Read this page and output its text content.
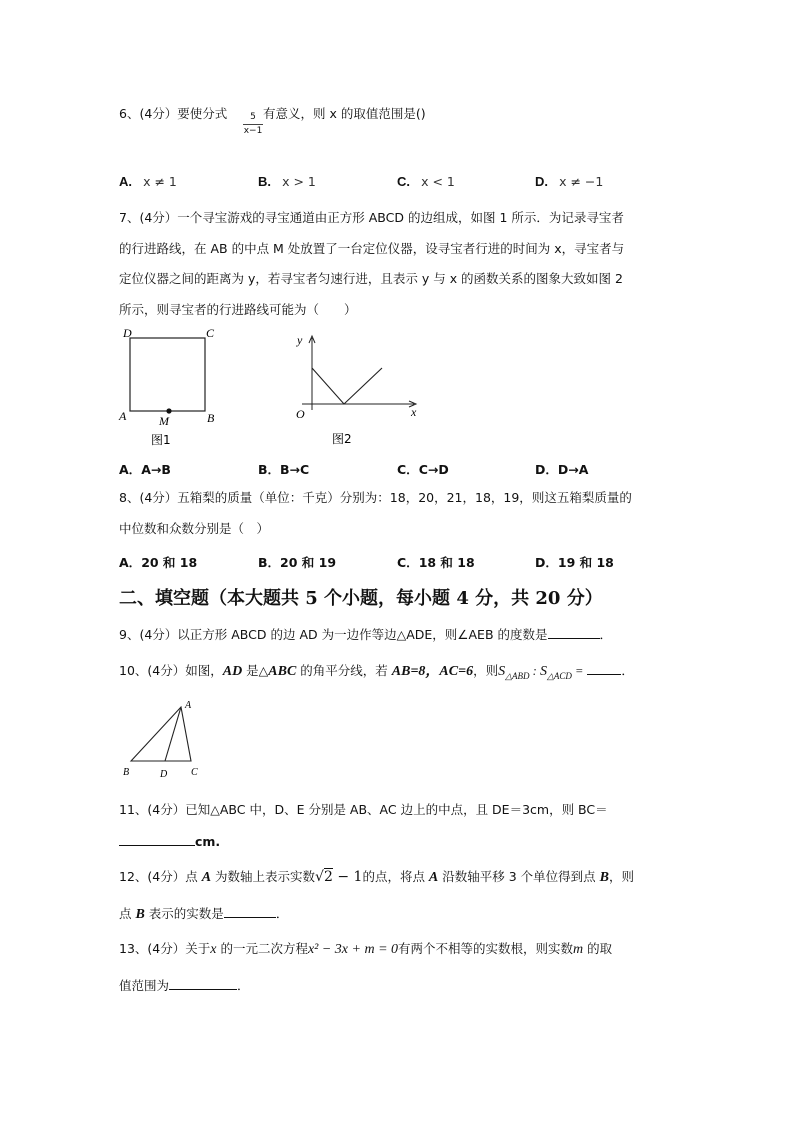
6、(4分）要使分式	5
x−1
有意义，则 x 的取值范围是()
A. x ≠ 1	B. x > 1	C. x < 1	D. x ≠ −1
7、(4分）一个寻宝游戏的寻宝通道由正方形 ABCD 的边组成，如图 1 所示．为记录寻宝者
的行进路线，在 AB 的中点 M 处放置了一台定位仪器，设寻宝者行进的时间为 x，寻宝者与
定位仪器之间的距离为 y，若寻宝者匀速行进，且表示 y 与 x 的函数关系的图象大致如图 2
所示，则寻宝者的行进路线可能为（　　）
D	C
A	B
M
图1
y
x
O
图2
A．A→B	B．B→C	C．C→D	D．D→A
8、(4分）五箱梨的质量（单位：千克）分别为：18，20，21，18，19，则这五箱梨质量的
中位数和众数分别是（　）
A．20 和 18	B．20 和 19	C．18 和 18	D．19 和 18
二、填空题（本大题共 5 个小题，每小题 4 分，共 20 分）
9、(4分）以正方形 ABCD 的边 AD 为一边作等边△ADE，则∠AEB 的度数是	．
10、(4分）如图，AD 是△ABC 的角平分线，若 AB=8，AC=6，则$S_{\triangle ABD}$ : $S_{\triangle ACD}$ =	．
A
B	D C
11、(4分）已知△ABC 中，D、E 分别是 AB、AC 边上的中点，且 DE＝3cm，则 BC＝
cm.
12、(4分）点 A 为数轴上表示实数√2 − 1的点，将点 A 沿数轴平移 3 个单位得到点 B，则
点 B 表示的实数是	．
13、(4分）关于x 的一元二次方程x² − 3x + m = 0有两个不相等的实数根，则实数m 的取
值范围为	．
